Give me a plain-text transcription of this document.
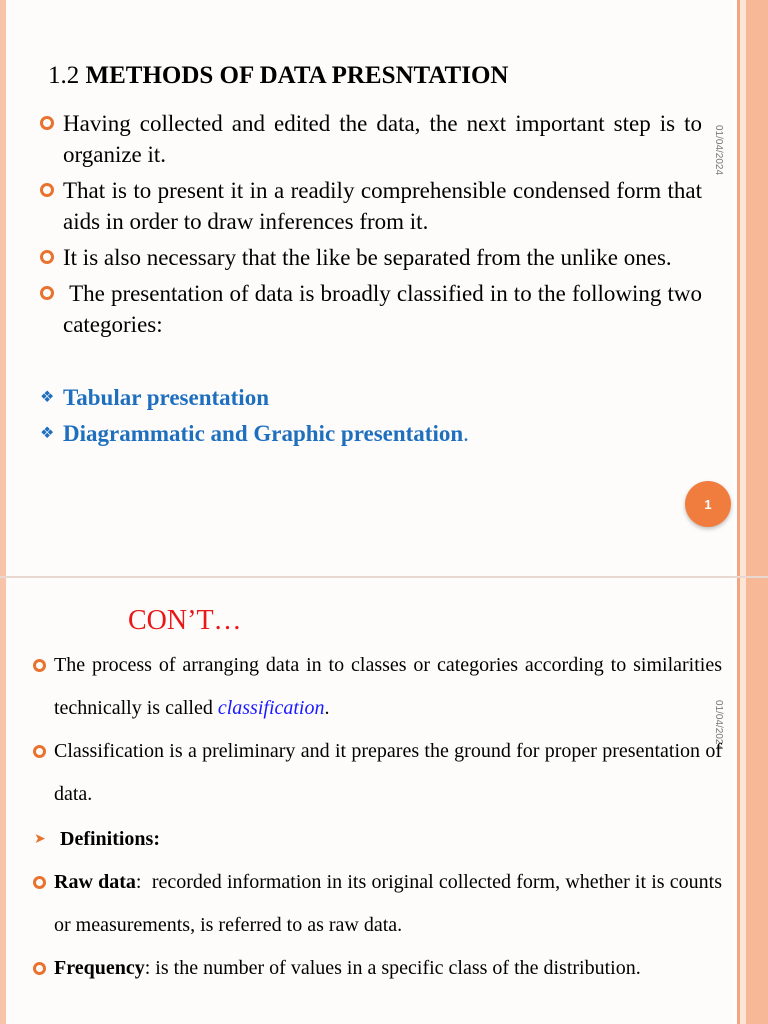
01/04/2024
1.2 METHODS OF DATA PRESNTATION
Having collected and edited the data, the next important step is to organize it.
That is to present it in a readily comprehensible condensed form that aids in order to draw inferences from it.
It is also necessary that the like be separated from the unlike ones.
The presentation of data is broadly classified in to the following two categories:
❖ Tabular presentation
❖ Diagrammatic and Graphic presentation.
1
01/04/2024
CON’T…
The process of arranging data in to classes or categories according to similarities technically is called classification.
Classification is a preliminary and it prepares the ground for proper presentation of data.
➤ Definitions:
Raw data:  recorded information in its original collected form, whether it is counts or measurements, is referred to as raw data.
Frequency: is the number of values in a specific class of the distribution.
